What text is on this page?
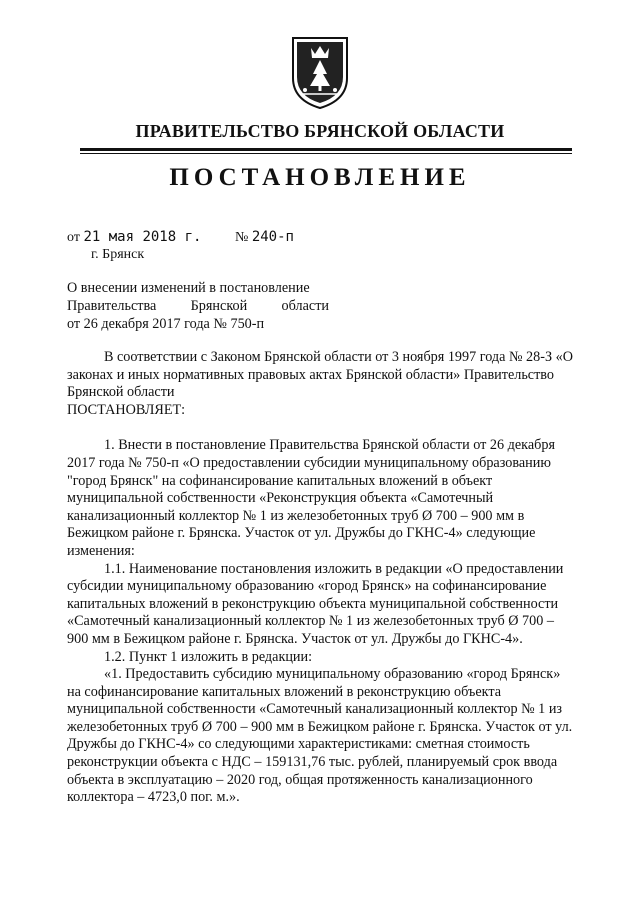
ПРАВИТЕЛЬСТВО БРЯНСКОЙ ОБЛАСТИ
ПОСТАНОВЛЕНИЕ
от 21 мая 2018 г. № 240-п
г. Брянск
О внесении изменений в постановление
Правительства Брянской области
от 26 декабря 2017 года № 750-п

В соответствии с Законом Брянской области от 3 ноября 1997 года № 28-З «О законах и иных нормативных правовых актах Брянской области» Правительство Брянской области

ПОСТАНОВЛЯЕТ:

1. Внести в постановление Правительства Брянской области от 26 декабря 2017 года № 750-п «О предоставлении субсидии муниципальному образованию "город Брянск" на софинансирование капитальных вложений в объект муниципальной собственности «Реконструкция объекта «Самотечный канализационный коллектор № 1 из железобетонных труб Ø 700 – 900 мм в Бежицком районе г. Брянска. Участок от ул. Дружбы до ГКНС-4» следующие изменения:

1.1. Наименование постановления изложить в редакции «О предоставлении субсидии муниципальному образованию «город Брянск» на софинансирование капитальных вложений в реконструкцию объекта муниципальной собственности «Самотечный канализационный коллектор № 1 из железобетонных труб Ø 700 – 900 мм в Бежицком районе г. Брянска. Участок от ул. Дружбы до ГКНС-4».

1.2. Пункт 1 изложить в редакции:

«1. Предоставить субсидию муниципальному образованию «город Брянск» на софинансирование капитальных вложений в реконструкцию объекта муниципальной собственности «Самотечный канализационный коллектор № 1 из железобетонных труб Ø 700 – 900 мм в Бежицком районе г. Брянска. Участок от ул. Дружбы до ГКНС-4» со следующими характеристиками: сметная стоимость реконструкции объекта с НДС – 159131,76 тыс. рублей, планируемый срок ввода объекта в эксплуатацию – 2020 год, общая протяженность канализационного коллектора – 4723,0 пог. м.».
